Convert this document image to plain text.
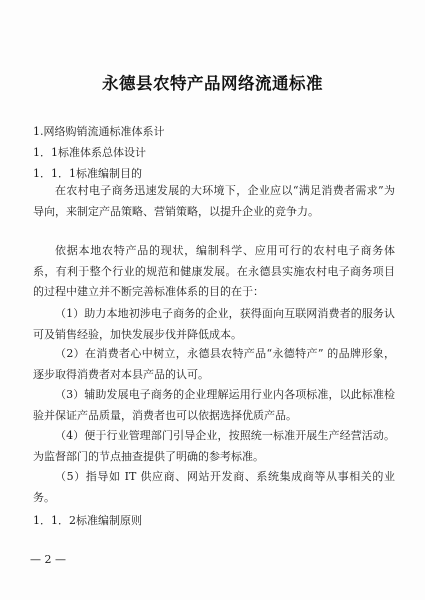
永德县农特产品网络流通标准
1.网络购销流通标准体系计
1．1标准体系总体设计
1．1．1标准编制目的
在农村电子商务迅速发展的大环境下，企业应以“满足消费者需求”为导向，来制定产品策略、营销策略，以提升企业的竞争力。
依据本地农特产品的现状，编制科学、应用可行的农村电子商务体系，有利于整个行业的规范和健康发展。在永德县实施农村电子商务项目的过程中建立并不断完善标准体系的目的在于：
（1）助力本地初涉电子商务的企业，获得面向互联网消费者的服务认可及销售经验，加快发展步伐并降低成本。
（2）在消费者心中树立，永德县农特产品“永德特产” 的品牌形象，逐步取得消费者对本县产品的认可。
（3）辅助发展电子商务的企业理解运用行业内各项标准，以此标准检验并保证产品质量，消费者也可以依据选择优质产品。
（4）便于行业管理部门引导企业，按照统一标准开展生产经营活动。为监督部门的节点抽查提供了明确的参考标准。
（5）指导如 IT 供应商、网站开发商、系统集成商等从事相关的业务。
1．1．2标准编制原则
— 2 —
